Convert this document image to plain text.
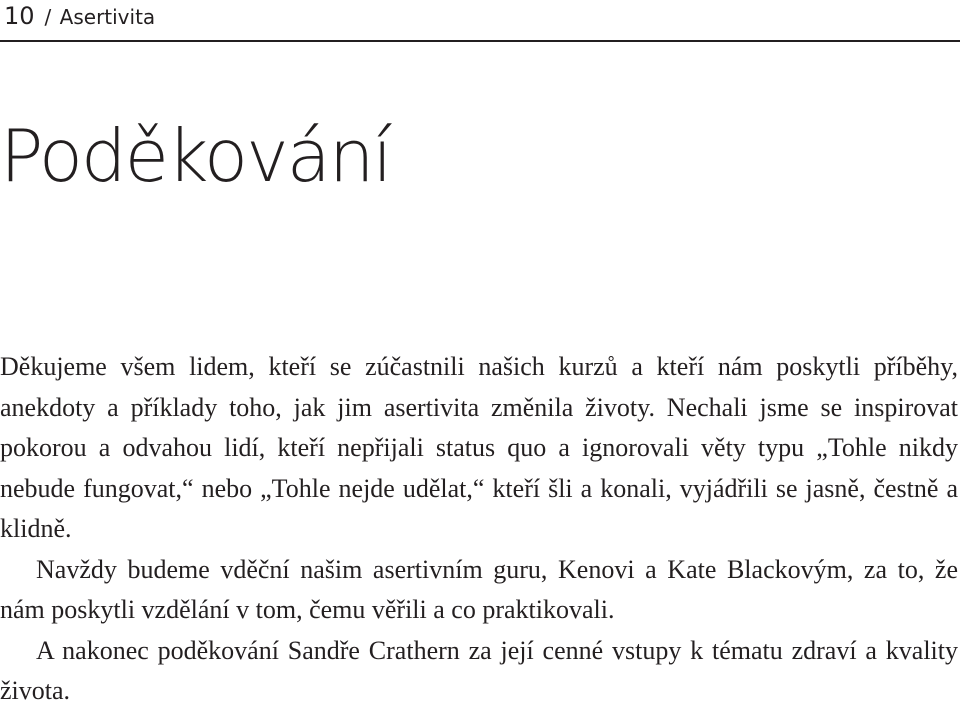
10 / Asertivita
Poděkování

Děkujeme všem lidem, kteří se zúčastnili našich kurzů a kteří nám poskytli příběhy, anekdoty a příklady toho, jak jim asertivita změnila životy. Nechali jsme se inspirovat pokorou a odvahou lidí, kteří nepřijali status quo a ignorovali věty typu „Tohle nikdy nebude fungovat,“ nebo „Tohle nejde udělat,“ kteří šli a konali, vyjádřili se jasně, čestně a klidně.

Navždy budeme vděční našim asertivním guru, Kenovi a Kate Blackovým, za to, že nám poskytli vzdělání v tom, čemu věřili a co praktikovali.

A nakonec poděkování Sandře Crathern za její cenné vstupy k tématu zdraví a kvality života.
